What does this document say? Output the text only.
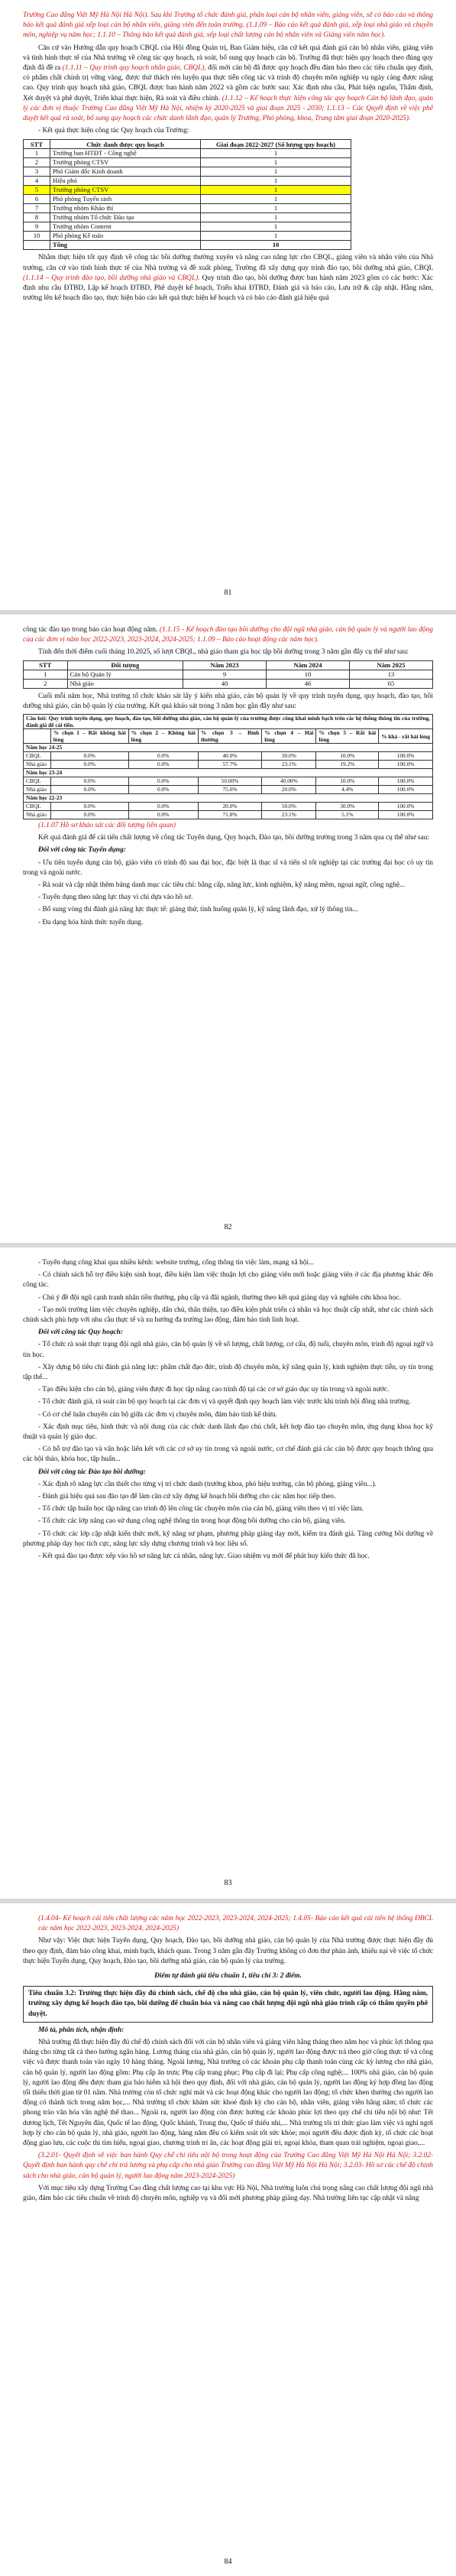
Trường Cao đẳng Việt Mỹ Hà Nội Hà Nội). Sau khi Trường tổ chức đánh giá, phân loại cán bộ nhân viên, giảng viên, sẽ có báo cáo và thông báo kết quả đánh giá xếp loại cán bộ nhân viên, giảng viên đến toàn trường. (1.1.09 – Báo cáo kết quả đánh giá, xếp loại nhà giáo và chuyên môn, nghiệp vụ năm học; 1.1.10 – Thông báo kết quả đánh giá, xếp loại chất lượng cán bộ nhân viên và Giảng viên năm học).

Căn cứ vào Hướng dẫn quy hoạch CBQL của Hội đồng Quản trị, Ban Giám hiệu, căn cứ kết quả đánh giá cán bộ nhân viên, giảng viên và tình hình thực tế của Nhà trường về công tác quy hoạch, rà soát, bổ sung quy hoạch cán bộ. Trường đã thực hiện quy hoạch theo đúng quy định đã đề ra (1.1.11 – Quy trình quy hoạch nhân giáo, CBQL), đối mới cán bộ đã được quy hoạch đều đảm bảo theo các tiêu chuẩn quy định, có phẩm chất chính trị vững vàng, được thử thách rèn luyện qua thực tiễn công tác và trình độ chuyên môn nghiệp vụ ngày càng được nâng cao. Quy trình quy hoạch nhà giáo, CBQL được ban hành năm 2022 và gồm các bước sau: Xác định nhu cầu, Phát hiện nguồn, Thẩm định, Xét duyệt và phê duyệt, Triển khai thực hiện, Rà soát và điều chỉnh. (1.1.12 – Kế hoạch thực hiện công tác quy hoạch Cán bộ lãnh đạo, quản lý các đơn vị thuộc Trường Cao đẳng Việt Mỹ Hà Nội, nhiệm kỳ 2020-2025 và giai đoạn 2025 - 2030; 1.1.13 – Các Quyết định về việc phê duyệt kết quả rà soát, bổ sung quy hoạch các chức danh lãnh đạo, quản lý Trường, Phó phòng, khoa, Trung tâm giai đoạn 2020-2025).

- Kết quả thực hiện công tác Quy hoạch của Trường:

STT	Chức danh được quy hoạch	Giai đoạn 2022-2027 (Số lượng quy hoạch)
1	Trưởng ban HTĐT - Công nghệ	1
2	Trưởng phòng CTSV	1
3	Phó Giám đốc Kinh doanh	1
4	Hiệu phó	1
5	Trưởng phòng CTSV	1
6	Phó phòng Tuyển sinh	1
7	Trưởng nhóm Khảo thí	1
8	Trưởng nhóm Tổ chức Đào tạo	1
9	Trưởng nhóm Content	1
10	Phó phòng Kế toán	1
	Tổng	10

Nhằm thực hiện tốt quy định về công tác bồi dưỡng thường xuyên và nâng cao năng lực cho CBQL, giảng viên và nhân viên của Nhà trường, căn cứ vào tình hình thực tế của Nhà trường và đề xuất phòng, Trường đã xây dựng quy trình đào tạo, bồi dưỡng nhà giáo, CBQL (1.1.14 – Quy trình đào tạo, bồi dưỡng nhà giáo và CBQL). Quy trình đào tạo, bồi dưỡng được ban hành năm 2023 gồm có các bước: Xác định nhu cầu ĐTBD, Lập kế hoạch ĐTBD, Phê duyệt kế hoạch, Triển khai ĐTBD, Đánh giá và báo cáo, Lưu trữ & cập nhật. Hằng năm, trường lên kế hoạch đào tạo, thực hiện báo cáo kết quả thực hiện kế hoạch và có báo cáo đánh giá hiệu quả

81

công tác đào tạo trong báo cáo hoạt động năm. (1.1.15 - Kế hoạch đào tạo bồi dưỡng cho đội ngũ nhà giáo, cán bộ quản lý và người lao động của các đơn vị năm học 2022-2023, 2023-2024, 2024-2025; 1.1.09 – Báo cáo hoạt động các năm học).

Tính đến thời điểm cuối tháng 10.2025, số lượt CBQL, nhà giáo tham gia học tập bồi dưỡng trong 3 năm gần đây cụ thể như sau:

STT	Đối tượng	Năm 2023	Năm 2024	Năm 2025
1	Cán bộ Quản lý	9	10	13
2	Nhà giáo	40	46	65

Cuối mỗi năm học, Nhà trường tổ chức khảo sát lấy ý kiến nhà giáo, cán bộ quản lý về quy trình tuyển dụng, quy hoạch, đào tạo, bồi dưỡng nhà giáo, cán bộ quản lý của trường. Kết quả khảo sát trong 3 năm học gần đây như sau:

Câu hỏi: Quy trình tuyển dụng, quy hoạch, đào tạo, bồi dưỡng nhà giáo, cán bộ quản lý của trường được công khai minh bạch trên các hệ thống thông tin của trường, đánh giá để cải tiến.						
	% chọn 1 – Rất không hài lòng	% chọn 2 – Không hài lòng	% chọn 3 – Bình thường	% chọn 4 – Hài lòng	% chọn 5 – Rất hài lòng	% khả - rất hài lòng
Năm học 24-25						
CBQL	0.0%	0.0%	40.0%	30.0%	10.0%	100.0%
Nhà giáo	0.0%	0.0%	57.7%	23.1%	19.2%	100.0%
Năm học 23-24						
CBQL	0.0%	0.0%	50.00%	40.00%	10.0%	100.0%
Nhà giáo	0.0%	0.0%	75.6%	20.0%	4.4%	100.0%
Năm học 22-23						
CBQL	0.0%	0.0%	20.0%	50.0%	30.0%	100.0%
Nhà giáo	0.0%	0.0%	71.8%	23.1%	5.1%	100.0%

(1.1.07 Hồ sơ khảo sát các đối tượng liên quan)

Kết quả đánh giá để cải tiến chất lượng về công tác Tuyển dụng, Quy hoạch, Đào tạo, bồi dưỡng trường trong 3 năm qua cụ thể như sau:

Đối với công tác Tuyển dụng:

- Ưu tiên tuyển dụng cán bộ, giáo viên có trình độ sau đại học, đặc biệt là thạc sĩ và tiến sĩ tốt nghiệp tại các trường đại học có uy tín trong và ngoài nước.

- Rà soát và cập nhật thêm bảng danh mục các tiêu chí: bằng cấp, năng lực, kinh nghiệm, kỹ năng mềm, ngoại ngữ, công nghệ...

- Tuyển dụng theo năng lực thay vì chỉ dựa vào hồ sơ.

- Bổ sung vòng thi đánh giá năng lực thực tế: giảng thử, tình huống quản lý, kỹ năng lãnh đạo, xử lý thông tin...

- Đa dạng hóa hình thức tuyển dụng.

82

- Tuyển dụng công khai qua nhiều kênh: website trường, cổng thông tin việc làm, mạng xã hội...

- Có chính sách hỗ trợ điều kiện sinh hoạt, điều kiện làm việc thuận lợi cho giảng viên mới hoặc giảng viên ở các địa phương khác đến công tác.

- Chú ý đề đội ngũ cạnh tranh nhân tiền thưởng, phụ cấp và đãi ngành, thường theo kết quả giảng dạy và nghiên cứu khoa học.

- Tạo môi trường làm việc chuyên nghiệp, dân chủ, thân thiện, tạo điều kiện phát triển cá nhân và học thuật cấp nhất, như các chính sách chính sách phù hợp với nhu cầu thực tế và xu hướng đa trường lao động, đảm bảo tính linh hoạt.

Đối với công tác Quy hoạch:

- Tổ chức rà soát thực trạng đội ngũ nhà giáo, cán bộ quản lý về số lượng, chất lượng, cơ cấu, độ tuổi, chuyên môn, trình độ ngoại ngữ và tin học.

- Xây dựng bộ tiêu chí đánh giá năng lực: phẩm chất đạo đức, trình độ chuyên môn, kỹ năng quản lý, kinh nghiệm thực tiễn, uy tín trong tập thể...

- Tạo điều kiện cho cán bộ, giảng viên được đi học tập nâng cao trình độ tại các cơ sở giáo dục uy tín trong và ngoài nước.

- Tổ chức đánh giá, rà soát cán bộ quy hoạch tại các đơn vị và quyết định quy hoạch làm việc trước khi trình hội đồng nhà trường.

- Có cơ chế luân chuyển cán bộ giữa các đơn vị chuyên môn, đảm bảo tính kế thừa.

- Xác định mục tiêu, hình thức và nội dung của các chức danh lãnh đạo chủ chốt, kết hợp đào tạo chuyên môn, ứng dụng khoa học kỹ thuật và quản lý giáo dục.

- Có hỗ trợ đào tạo và vấn hoặc liên kết với các cơ sở uy tín trong và ngoài nước, cơ chế đánh giá các cán bộ được quy hoạch thông qua các hội thảo, khóa học, tập huấn...

Đối với công tác Đào tạo bồi dưỡng:

- Xác định rõ năng lực cần thiết cho từng vị trí chức danh (trưởng khoa, phó hiệu trưởng, cán bộ phòng, giảng viên...).

- Đánh giá hiệu quả sau đào tạo để làm căn cứ xây dựng kế hoạch bồi dưỡng cho các năm học tiếp theo.

- Tổ chức tập huấn học tập nâng cao trình độ lên công tác chuyên môn của cán bộ, giảng viên theo vị trí việc làm.

- Tổ chức các lớp nâng cao sử dụng công nghệ thông tin trong hoạt động bồi dưỡng cho cán bộ, giảng viên.

- Tổ chức các lớp cập nhật kiến thức mới, kỹ năng sư phạm, phương pháp giảng dạy mới, kiểm tra đánh giá. Tăng cường bồi dưỡng về phương pháp dạy học tích cực, năng lực xây dựng chương trình và học liệu số.

- Kết quả đào tạo được xếp vào hồ sơ năng lực cá nhân, năng lực. Giao nhiệm vụ mới để phát huy kiến thức đã học.

83

(1.4.04- Kế hoạch cải tiến chất lượng các năm học 2022-2023, 2023-2024, 2024-2025; 1.4.05- Báo cáo kết quả cải tiến hệ thống ĐBCL các năm học 2022-2023, 2023-2024, 2024-2025)

Như vậy: Việc thực hiện Tuyển dụng, Quy hoạch, Đào tạo, bồi dưỡng nhà giáo, cán bộ quản lý của Nhà trường được thực hiện đầy đủ theo quy định, đảm bảo công khai, minh bạch, khách quan. Trong 3 năm gần đây Trường không có đơn thư phản ánh, khiếu nại về việc tổ chức thực hiện Tuyển dụng, Quy hoạch, Đào tạo, bồi dưỡng nhà giáo, cán bộ quản lý của trường.

Điểm tự đánh giá tiêu chuẩn 1, tiêu chí 3: 2 điểm.

Tiêu chuẩn 3.2: Trường thực hiện đầy đủ chính sách, chế độ cho nhà giáo, cán bộ quản lý, viên chức, người lao động. Hằng năm, trường xây dựng kế hoạch đào tạo, bồi dưỡng để chuẩn hóa và nâng cao chất lượng đội ngũ nhà giáo trình cấp có thẩm quyền phê duyệt.

Mô tả, phân tích, nhận định:

Nhà trường đã thực hiện đầy đủ chế độ chính sách đối với cán bộ nhân viên và giảng viên hằng tháng theo năm học và phúc lợi thông qua tháng cho từng tất cả theo hướng ngân hàng. Lương tháng của nhà giáo, cán bộ quản lý, người lao động được trả theo giờ công thực tế và công việc và được thanh toán vào ngày 10 hàng tháng. Ngoài lương, Nhà trường có các khoản phụ cấp thanh toán cùng các kỳ lương cho nhà giáo, cán bộ quản lý, người lao động gồm: Phụ cấp ăn trưa; Phụ cấp trang phục; Phụ cấp đi lại; Phụ cấp công nghệ;... 100% nhà giáo, cán bộ quản lý, người lao động đều được tham gia bảo hiểm xã hội theo quy định, đối với nhà giáo, cán bộ quản lý, người lao động ký hợp đồng lao động tối thiểu thời gian từ 01 năm. Nhà trường còn tổ chức nghỉ mát và các hoạt động khác cho người lao động; tổ chức khen thưởng cho người lao động có thành tích trong năm học,... Nhà trường tổ chức khám sức khoẻ định kỳ cho cán bộ, nhân viên, giảng viên hằng năm; tổ chức các phong trào văn hóa văn nghệ thể thao... Ngoài ra, người lao động còn được hưởng các khoản phúc lợi theo quy chế chi tiêu nội bộ như: Tết dương lịch, Tết Nguyên đán, Quốc tế lao động, Quốc khánh, Trung thu, Quốc tế thiếu nhi,... Nhà trường tôi tri thức giao làm việc và nghỉ ngơi hợp lý cho cán bộ quản lý, nhà giáo, người lao động, hàng năm đều có kiểm soát tốt sức khỏe; mọi người đều được định kỳ, tổ chức các hoạt động giao lưu, các cuộc thi tìm hiểu, ngoại giao, chương trình tri ân, các hoạt động giải trí, ngoại khóa, tham quan trải nghiệm, ngoại giao,...

(3.2.01- Quyết định về việc ban hành Quy chế chi tiêu nội bộ trong hoạt động của Trường Cao đẳng Việt Mỹ Hà Nội Hà Nội; 3.2.02- Quyết định ban hành quy chế chi trả lương và phụ cấp cho nhà giáo Trường cao đẳng Việt Mỹ Hà Nội Hà Nội; 3.2.03- Hồ sơ các chế độ chính sách cho nhà giáo, cán bộ quản lý, người lao động năm 2023-2024-2025)

Với mục tiêu xây dựng Trường Cao đẳng chất lượng cao tại khu vực Hà Nội, Nhà trường luôn chú trọng nâng cao chất lượng đội ngũ nhà giáo, đảm bảo các tiêu chuẩn về trình độ chuyên môn, nghiệp vụ và đổi mới phương pháp giảng dạy. Nhà trường liên tục cập nhật và nâng

84
